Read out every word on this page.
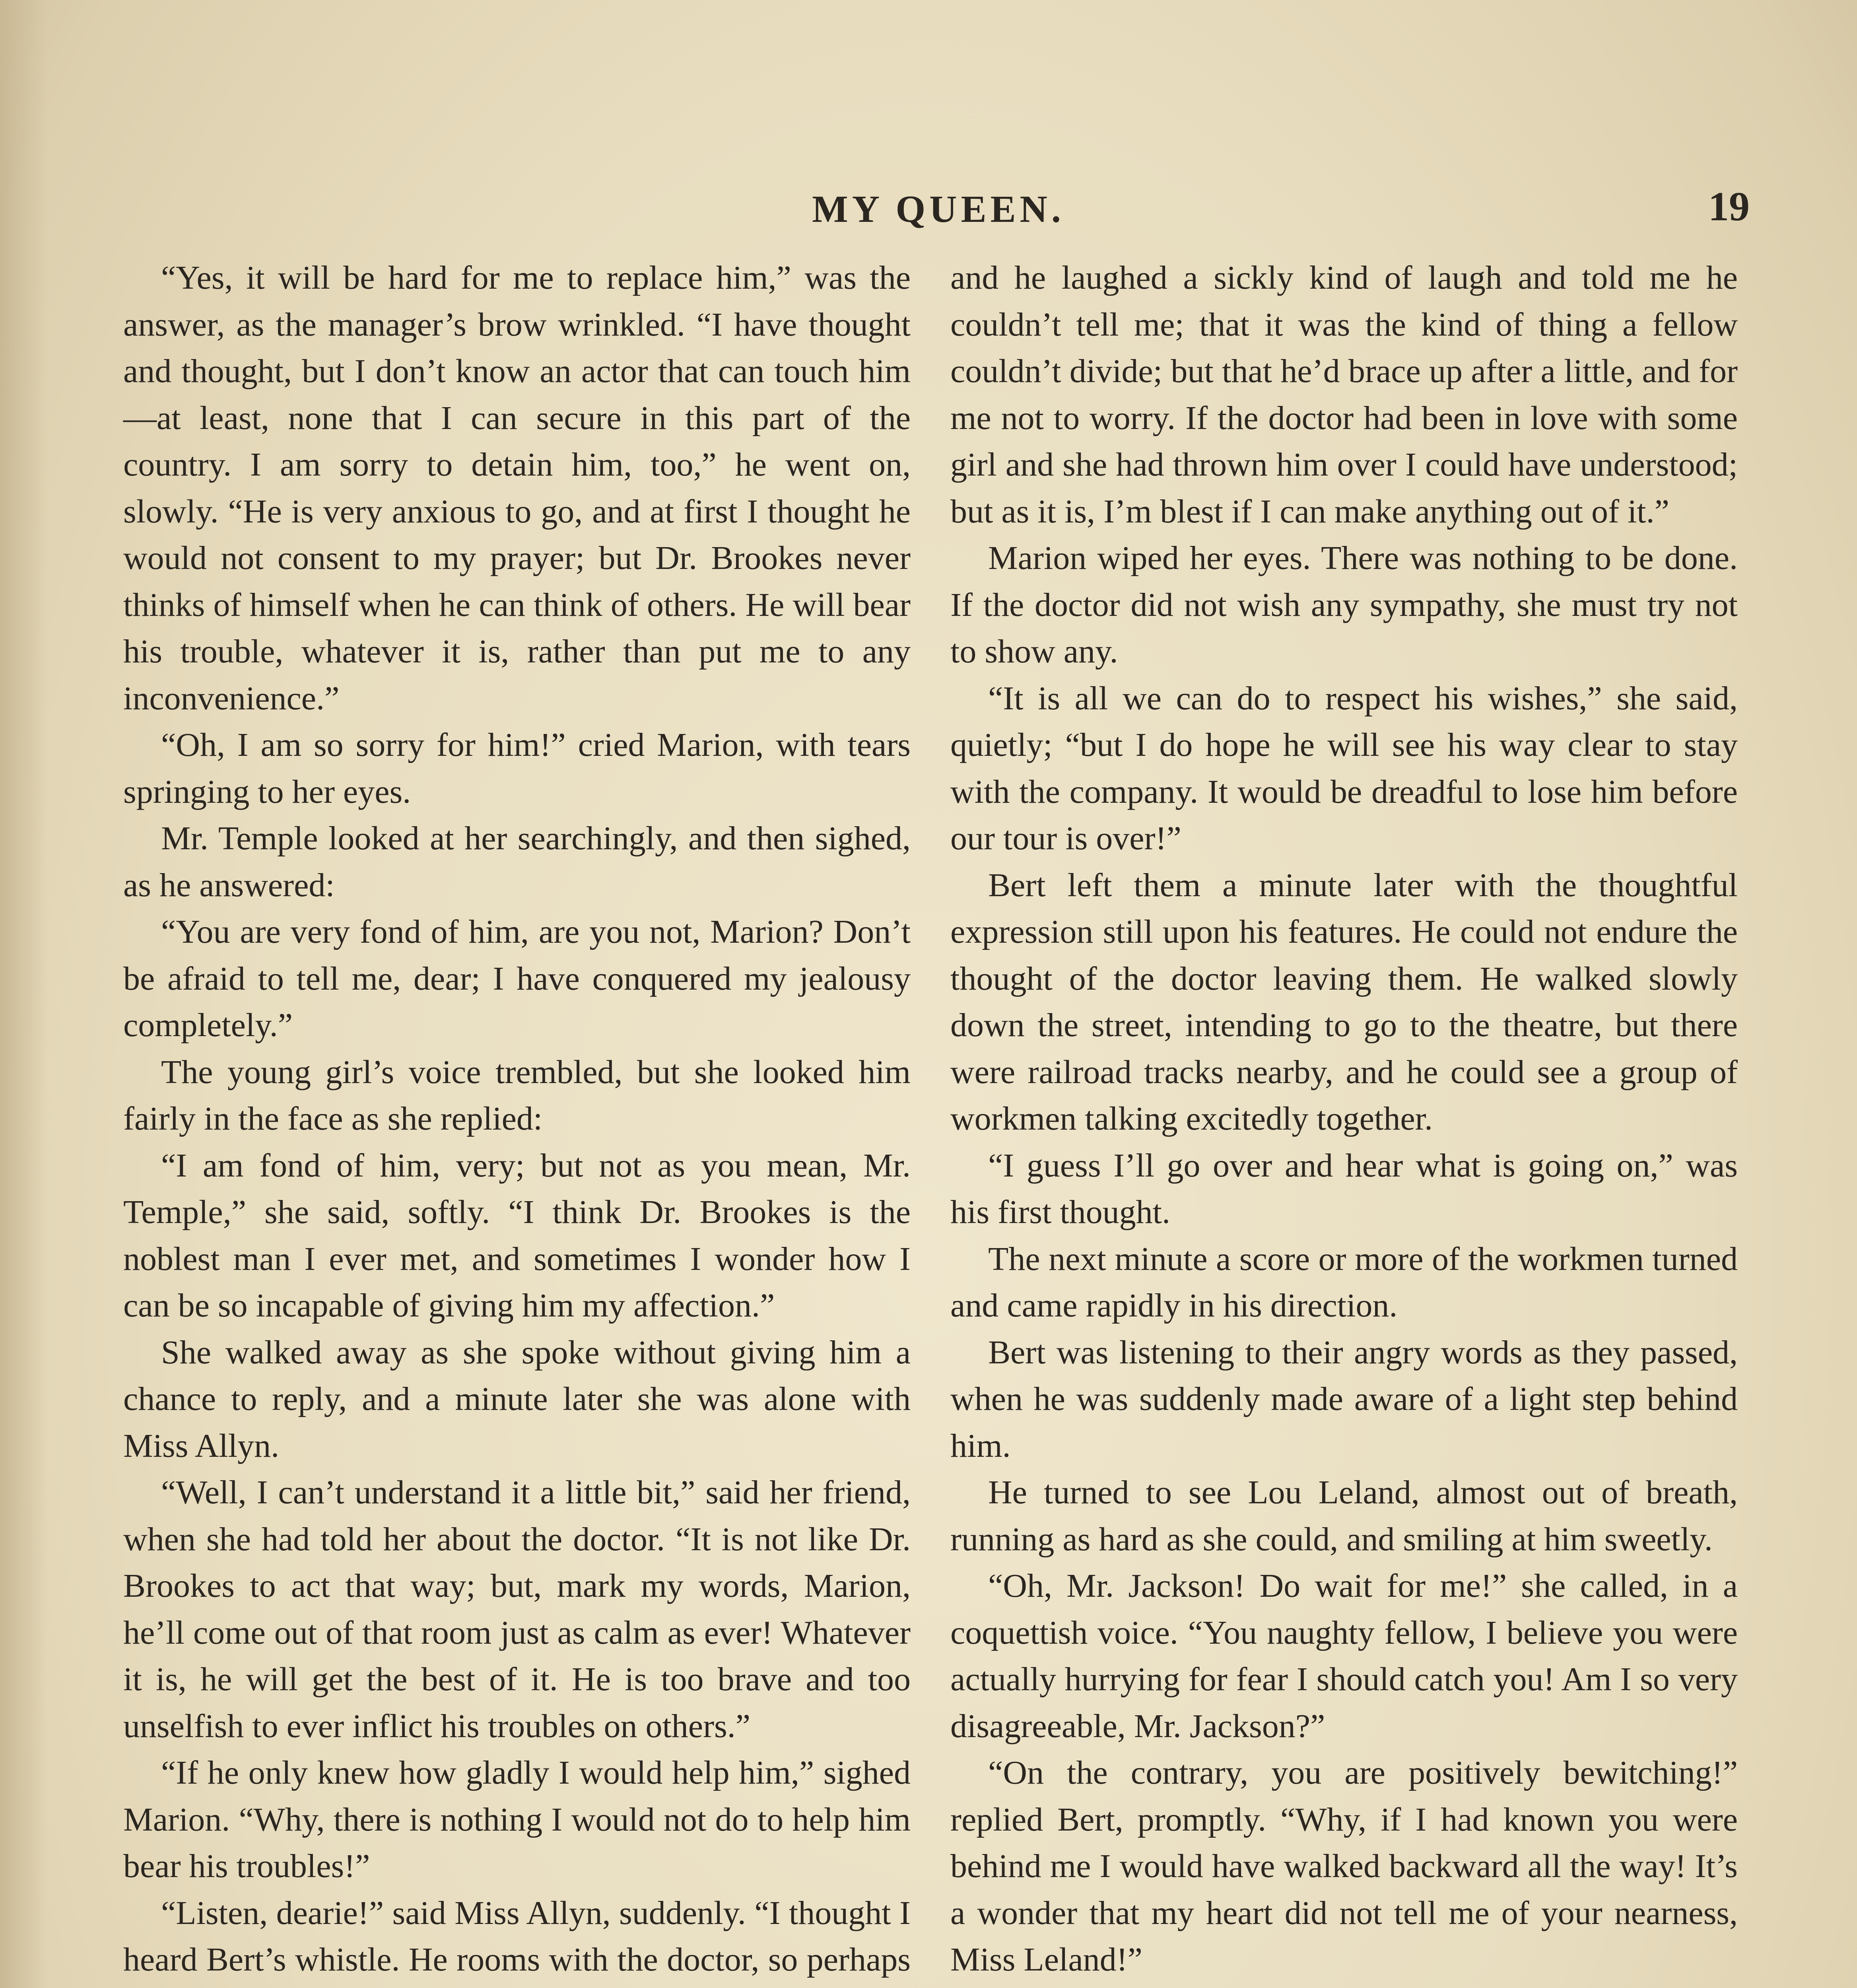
MY QUEEN.	19

“Yes, it will be hard for me to replace him,” was the answer, as the manager’s brow wrinkled. “I have thought and thought, but I don’t know an actor that can touch him—at least, none that I can secure in this part of the country. I am sorry to detain him, too,” he went on, slowly. “He is very anxious to go, and at first I thought he would not consent to my prayer; but Dr. Brookes never thinks of himself when he can think of others. He will bear his trouble, whatever it is, rather than put me to any inconvenience.”

“Oh, I am so sorry for him!” cried Marion, with tears springing to her eyes.

Mr. Temple looked at her searchingly, and then sighed, as he answered:

“You are very fond of him, are you not, Marion? Don’t be afraid to tell me, dear; I have conquered my jealousy completely.”

The young girl’s voice trembled, but she looked him fairly in the face as she replied:

“I am fond of him, very; but not as you mean, Mr. Temple,” she said, softly. “I think Dr. Brookes is the noblest man I ever met, and sometimes I wonder how I can be so incapable of giving him my affection.”

She walked away as she spoke without giving him a chance to reply, and a minute later she was alone with Miss Allyn.

“Well, I can’t understand it a little bit,” said her friend, when she had told her about the doctor. “It is not like Dr. Brookes to act that way; but, mark my words, Marion, he’ll come out of that room just as calm as ever! Whatever it is, he will get the best of it. He is too brave and too unselfish to ever inflict his troubles on others.”

“If he only knew how gladly I would help him,” sighed Marion. “Why, there is nothing I would not do to help him bear his troubles!”

“Listen, dearie!” said Miss Allyn, suddenly. “I thought I heard Bert’s whistle. He rooms with the doctor, so perhaps

and he laughed a sickly kind of laugh and told me he couldn’t tell me; that it was the kind of thing a fellow couldn’t divide; but that he’d brace up after a little, and for me not to worry. If the doctor had been in love with some girl and she had thrown him over I could have understood; but as it is, I’m blest if I can make anything out of it.”

Marion wiped her eyes. There was nothing to be done. If the doctor did not wish any sympathy, she must try not to show any.

“It is all we can do to respect his wishes,” she said, quietly; “but I do hope he will see his way clear to stay with the company. It would be dreadful to lose him before our tour is over!”

Bert left them a minute later with the thoughtful expression still upon his features. He could not endure the thought of the doctor leaving them. He walked slowly down the street, intending to go to the theatre, but there were railroad tracks nearby, and he could see a group of workmen talking excitedly together.

“I guess I’ll go over and hear what is going on,” was his first thought.

The next minute a score or more of the workmen turned and came rapidly in his direction.

Bert was listening to their angry words as they passed, when he was suddenly made aware of a light step behind him.

He turned to see Lou Leland, almost out of breath, running as hard as she could, and smiling at him sweetly.

“Oh, Mr. Jackson! Do wait for me!” she called, in a coquettish voice. “You naughty fellow, I believe you were actually hurrying for fear I should catch you! Am I so very disagreeable, Mr. Jackson?”

“On the contrary, you are positively bewitching!” replied Bert, promptly. “Why, if I had known you were behind me I would have walked backward all the way! It’s a wonder that my heart did not tell me of your nearness, Miss Leland!”
